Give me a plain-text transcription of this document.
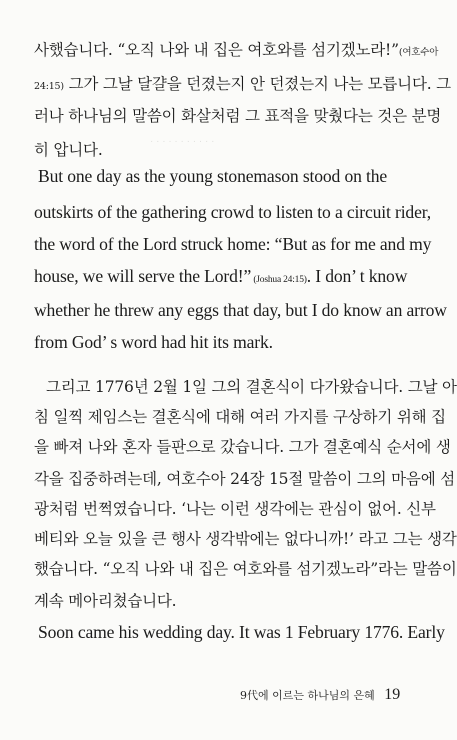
사했습니다. “오직 나와 내 집은 여호와를 섬기겠노라!”(여호수아
24:15) 그가 그날 달걀을 던졌는지 안 던졌는지 나는 모릅니다. 그
러나 하나님의 말씀이 화살처럼 그 표적을 맞췄다는 것은 분명
히 압니다.
But one day as the young stonemason stood on the
outskirts of the gathering crowd to listen to a circuit rider,
the word of the Lord struck home: “But as for me and my
house, we will serve the Lord!” (Joshua 24:15). I don’ t know
whether he threw any eggs that day, but I do know an arrow
from God’ s word had hit its mark.
그리고 1776년 2월 1일 그의 결혼식이 다가왔습니다. 그날 아
침 일찍 제임스는 결혼식에 대해 여러 가지를 구상하기 위해 집
을 빠져 나와 혼자 들판으로 갔습니다. 그가 결혼예식 순서에 생
각을 집중하려는데, 여호수아 24장 15절 말씀이 그의 마음에 섬
광처럼 번쩍였습니다. ‘나는 이런 생각에는 관심이 없어. 신부
베티와 오늘 있을 큰 행사 생각밖에는 없다니까!’ 라고 그는 생각
했습니다. “오직 나와 내 집은 여호와를 섬기겠노라”라는 말씀이
계속 메아리쳤습니다.
Soon came his wedding day. It was 1 February 1776. Early
· · · · · · · · · · ·
9代에 이르는 하나님의 은혜 19
